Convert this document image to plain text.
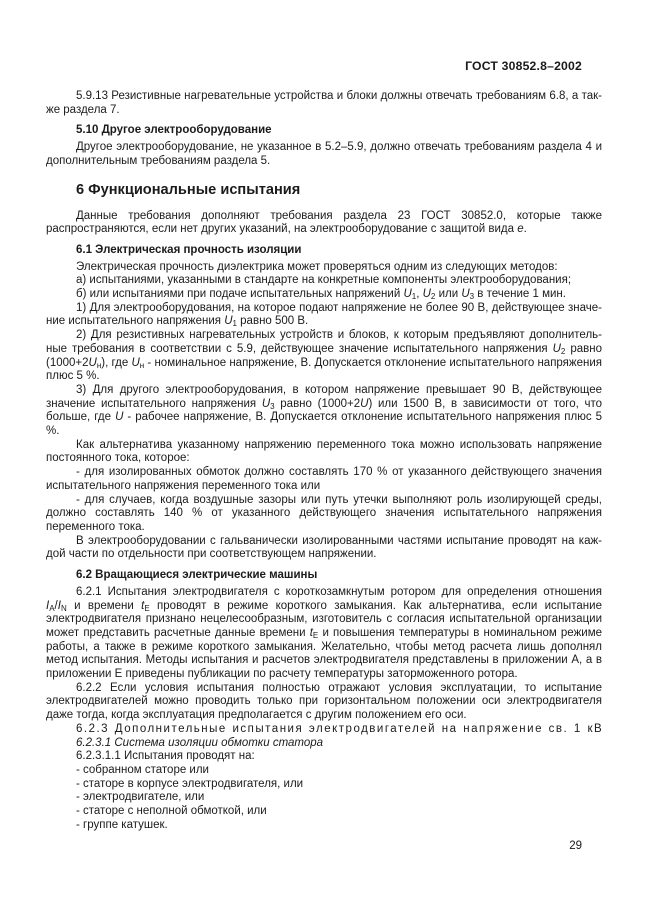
ГОСТ 30852.8–2002

5.9.13 Резистивные нагревательные устройства и блоки должны отвечать требованиям 6.8, а также раздела 7.

5.10 Другое электрооборудование

Другое электрооборудование, не указанное в 5.2–5.9, должно отвечать требованиям раздела 4 и дополнительным требованиям раздела 5.

6 Функциональные испытания

Данные требования дополняют требования раздела 23 ГОСТ 30852.0, которые также распространяются, если нет других указаний, на электрооборудование с защитой вида е.

6.1 Электрическая прочность изоляции

Электрическая прочность диэлектрика может проверяться одним из следующих методов:

а) испытаниями, указанными в стандарте на конкретные компоненты электрооборудования;

б) или испытаниями при подаче испытательных напряжений $U_1$, $U_2$ или $U_3$ в течение 1 мин.

1) Для электрооборудования, на которое подают напряжение не более 90 В, действующее значение испытательного напряжения $U_1$ равно 500 В.

2) Для резистивных нагревательных устройств и блоков, к которым предъявляют дополнительные требования в соответствии с 5.9, действующее значение испытательного напряжения $U_2$ равно $(1000+2U_н)$, где $U_н$ - номинальное напряжение, В. Допускается отклонение испытательного напряжения плюс 5 %.

3) Для другого электрооборудования, в котором напряжение превышает 90 В, действующее значение испытательного напряжения $U_3$ равно (1000+2U) или 1500 В, в зависимости от того, что больше, где U - рабочее напряжение, В. Допускается отклонение испытательного напряжения плюс 5 %.

Как альтернатива указанному напряжению переменного тока можно использовать напряжение постоянного тока, которое:

- для изолированных обмоток должно составлять 170 % от указанного действующего значения испытательного напряжения переменного тока или

- для случаев, когда воздушные зазоры или путь утечки выполняют роль изолирующей среды, должно составлять 140 % от указанного действующего значения испытательного напряжения переменного тока.

В электрооборудовании с гальванически изолированными частями испытание проводят на каждой части по отдельности при соответствующем напряжении.

6.2 Вращающиеся электрические машины

6.2.1 Испытания электродвигателя с короткозамкнутым ротором для определения отношения $I_A/I_N$ и времени $t_E$ проводят в режиме короткого замыкания. Как альтернатива, если испытание электродвигателя признано нецелесообразным, изготовитель с согласия испытательной организации может представить расчетные данные времени $t_E$ и повышения температуры в номинальном режиме работы, а также в режиме короткого замыкания. Желательно, чтобы метод расчета лишь дополнял метод испытания. Методы испытания и расчетов электродвигателя представлены в приложении А, а в приложении Е приведены публикации по расчету температуры заторможенного ротора.

6.2.2 Если условия испытания полностью отражают условия эксплуатации, то испытание электродвигателей можно проводить только при горизонтальном положении оси электродвигателя даже тогда, когда эксплуатация предполагается с другим положением его оси.

6.2.3 Дополнительные испытания электродвигателей на напряжение св. 1 кВ

6.2.3.1 Система изоляции обмотки статора

6.2.3.1.1 Испытания проводят на:

- собранном статоре или

- статоре в корпусе электродвигателя, или

- электродвигателе, или

- статоре с неполной обмоткой, или

- группе катушек.

29
